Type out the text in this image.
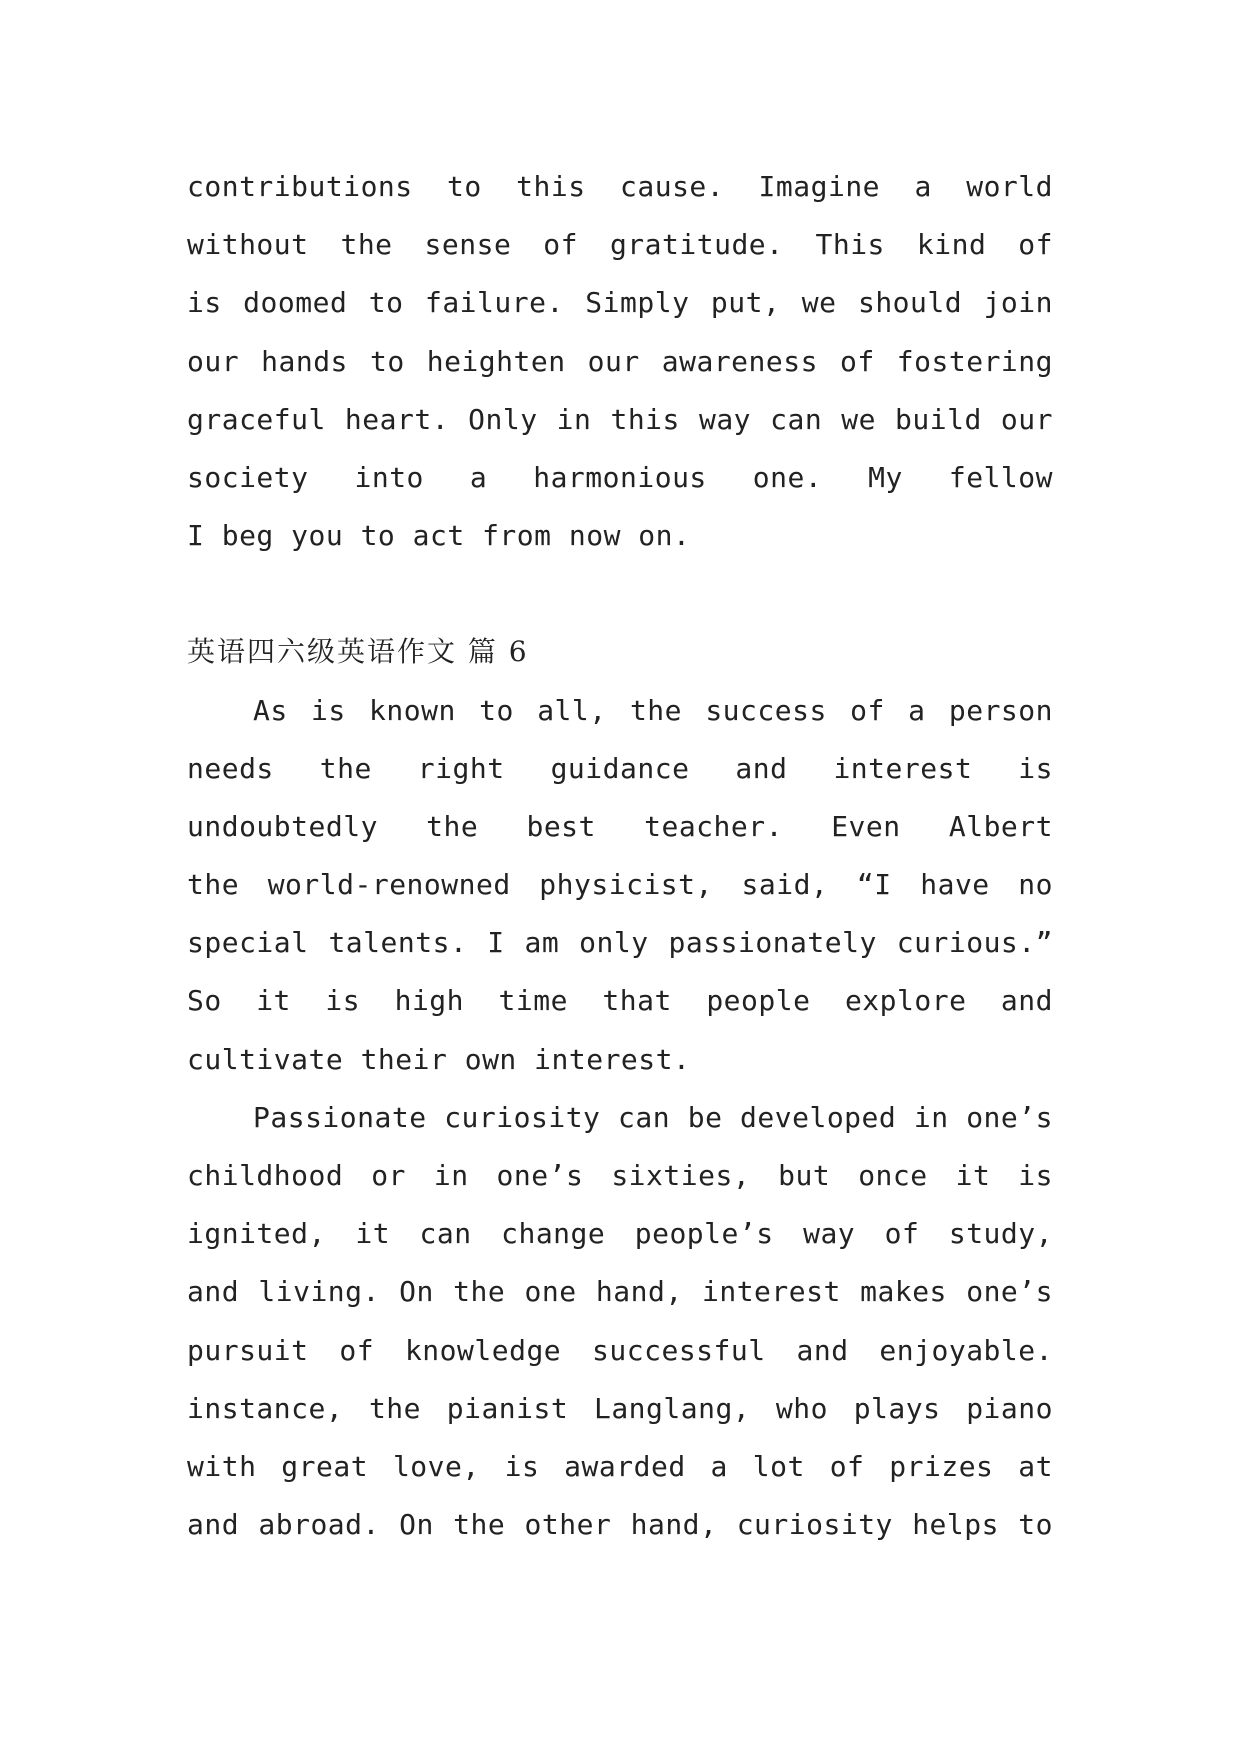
contributions to this cause. Imagine a world
without the sense of gratitude. This kind of
is doomed to failure. Simply put, we should join
our hands to heighten our awareness of fostering
graceful heart. Only in this way can we build our
society into a harmonious one. My fellow
I beg you to act from now on.
英语四六级英语作文 篇 6
As is known to all, the success of a person
needs the right guidance and interest is
undoubtedly the best teacher. Even Albert
the world-renowned physicist, said, “I have no
special talents. I am only passionately curious.”
So it is high time that people explore and
cultivate their own interest.
Passionate curiosity can be developed in one’s
childhood or in one’s sixties, but once it is
ignited, it can change people’s way of study,
and living. On the one hand, interest makes one’s
pursuit of knowledge successful and enjoyable.
instance, the pianist Langlang, who plays piano
with great love, is awarded a lot of prizes at
and abroad. On the other hand, curiosity helps to
